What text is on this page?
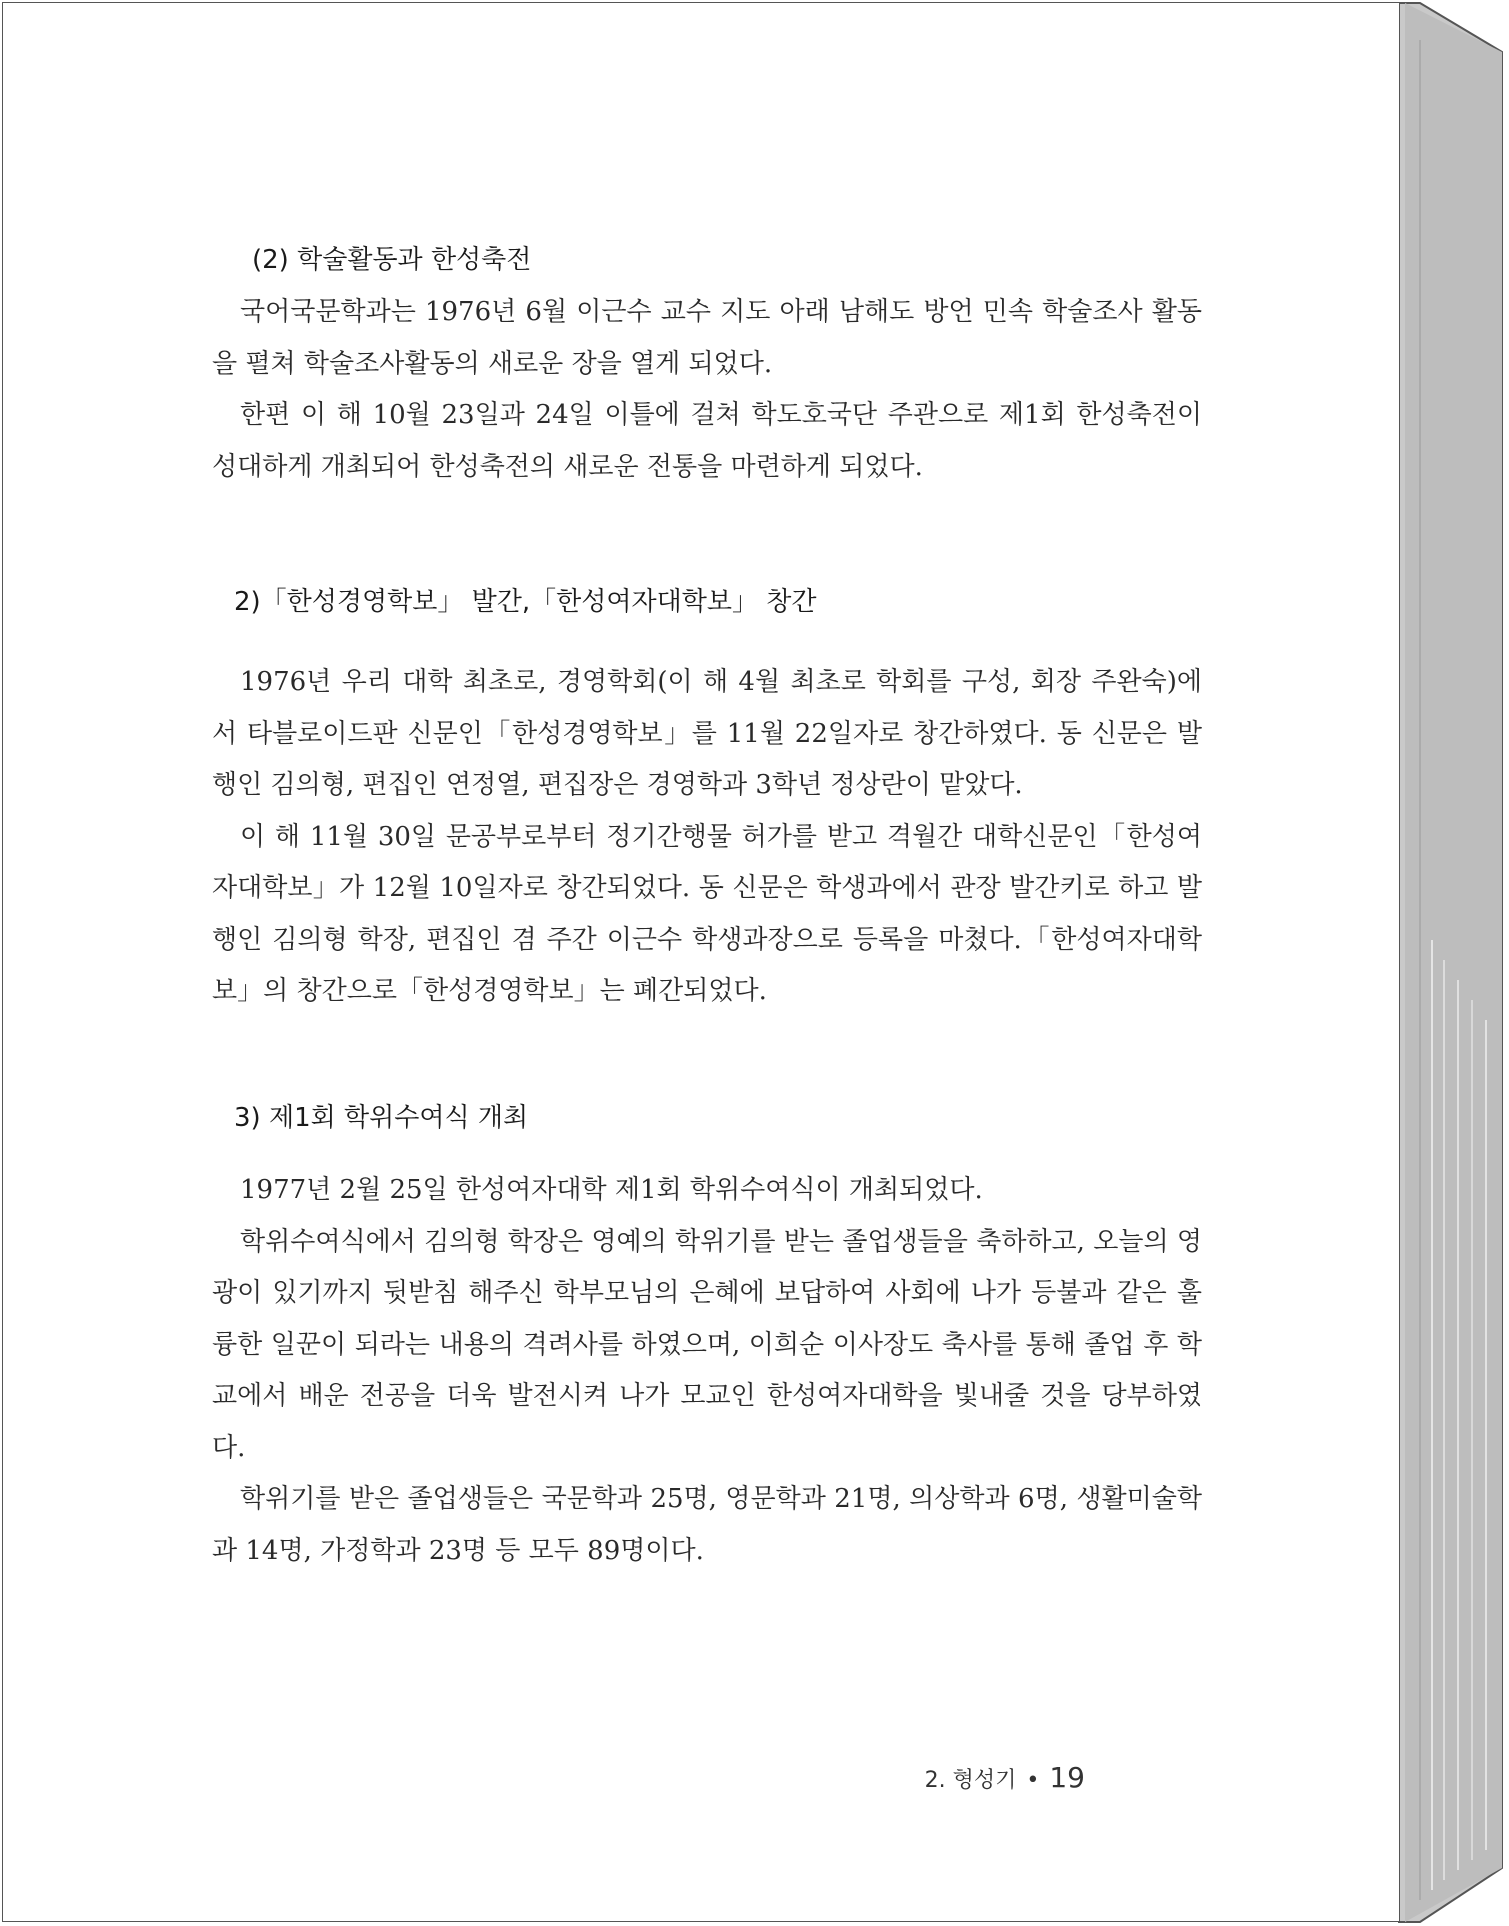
(2) 학술활동과 한성축전

국어국문학과는 1976년 6월 이근수 교수 지도 아래 남해도 방언 민속 학술조사 활동을 펼쳐 학술조사활동의 새로운 장을 열게 되었다.

한편 이 해 10월 23일과 24일 이틀에 걸쳐 학도호국단 주관으로 제1회 한성축전이 성대하게 개최되어 한성축전의 새로운 전통을 마련하게 되었다.

2)「한성경영학보」 발간,「한성여자대학보」 창간

1976년 우리 대학 최초로, 경영학회(이 해 4월 최초로 학회를 구성, 회장 주완숙)에서 타블로이드판 신문인「한성경영학보」를 11월 22일자로 창간하였다. 동 신문은 발행인 김의형, 편집인 연정열, 편집장은 경영학과 3학년 정상란이 맡았다.

이 해 11월 30일 문공부로부터 정기간행물 허가를 받고 격월간 대학신문인「한성여자대학보」가 12월 10일자로 창간되었다. 동 신문은 학생과에서 관장 발간키로 하고 발행인 김의형 학장, 편집인 겸 주간 이근수 학생과장으로 등록을 마쳤다.「한성여자대학보」의 창간으로「한성경영학보」는 폐간되었다.

3) 제1회 학위수여식 개최

1977년 2월 25일 한성여자대학 제1회 학위수여식이 개최되었다.

학위수여식에서 김의형 학장은 영예의 학위기를 받는 졸업생들을 축하하고, 오늘의 영광이 있기까지 뒷받침 해주신 학부모님의 은혜에 보답하여 사회에 나가 등불과 같은 훌륭한 일꾼이 되라는 내용의 격려사를 하였으며, 이희순 이사장도 축사를 통해 졸업 후 학교에서 배운 전공을 더욱 발전시켜 나가 모교인 한성여자대학을 빛내줄 것을 당부하였다.

학위기를 받은 졸업생들은 국문학과 25명, 영문학과 21명, 의상학과 6명, 생활미술학과 14명, 가정학과 23명 등 모두 89명이다.

2. 형성기 • 19
